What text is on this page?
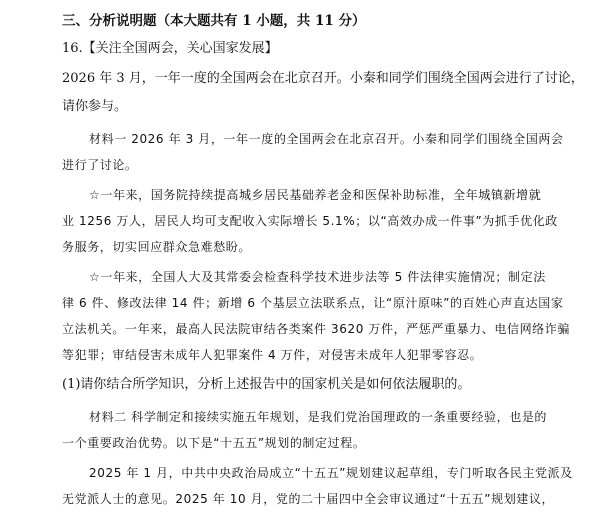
三、分析说明题（本大题共有 1 小题，共 11 分）
16.【关注全国两会，关心国家发展】
2026 年 3 月，一年一度的全国两会在北京召开。小秦和同学们围绕全国两会进行了讨论，
请你参与。
材料一 2026 年 3 月，一年一度的全国两会在北京召开。小秦和同学们围绕全国两会
进行了讨论。
☆一年来，国务院持续提高城乡居民基础养老金和医保补助标准，全年城镇新增就
业 1256 万人，居民人均可支配收入实际增长 5.1%；以“高效办成一件事”为抓手优化政
务服务，切实回应群众急难愁盼。
☆一年来，全国人大及其常委会检查科学技术进步法等 5 件法律实施情况；制定法
律 6 件、修改法律 14 件；新增 6 个基层立法联系点，让“原汁原味”的百姓心声直达国家
立法机关。一年来，最高人民法院审结各类案件 3620 万件，严惩严重暴力、电信网络诈骗
等犯罪；审结侵害未成年人犯罪案件 4 万件，对侵害未成年人犯罪零容忍。
(1)请你结合所学知识，分析上述报告中的国家机关是如何依法履职的。
材料二 科学制定和接续实施五年规划，是我们党治国理政的一条重要经验，也是的
一个重要政治优势。以下是“十五五”规划的制定过程。
2025 年 1 月，中共中央政治局成立“十五五”规划建议起草组，专门听取各民主党派及
无党派人士的意见。2025 年 10 月，党的二十届四中全会审议通过“十五五”规划建议，
